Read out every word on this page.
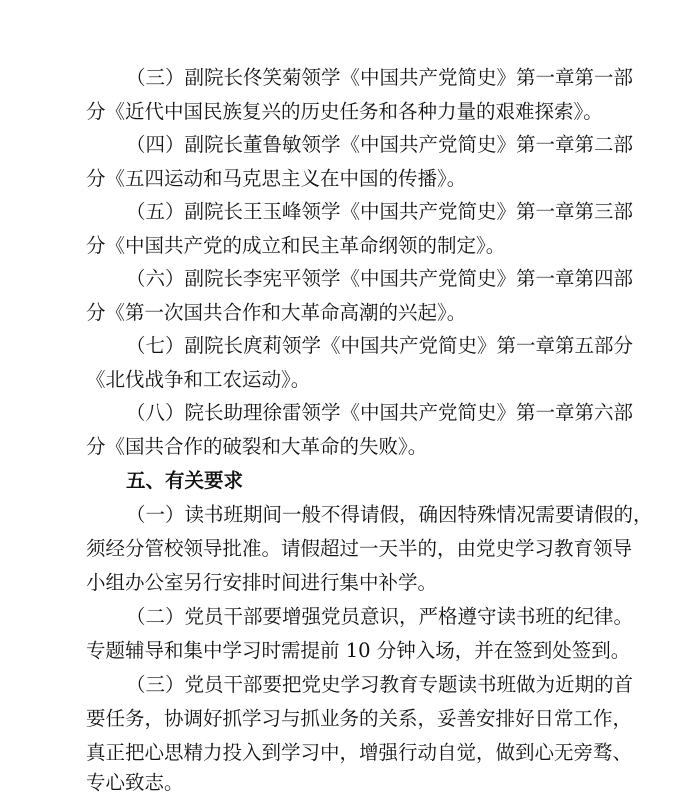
（三）副院长佟笑菊领学《中国共产党简史》第一章第一部
分《近代中国民族复兴的历史任务和各种力量的艰难探索》。
（四）副院长董鲁敏领学《中国共产党简史》第一章第二部
分《五四运动和马克思主义在中国的传播》。
（五）副院长王玉峰领学《中国共产党简史》第一章第三部
分《中国共产党的成立和民主革命纲领的制定》。
（六）副院长李宪平领学《中国共产党简史》第一章第四部
分《第一次国共合作和大革命高潮的兴起》。
（七）副院长庹莉领学《中国共产党简史》第一章第五部分
《北伐战争和工农运动》。
（八）院长助理徐雷领学《中国共产党简史》第一章第六部
分《国共合作的破裂和大革命的失败》。
五、有关要求
（一）读书班期间一般不得请假，确因特殊情况需要请假的，
须经分管校领导批准。请假超过一天半的，由党史学习教育领导
小组办公室另行安排时间进行集中补学。
（二）党员干部要增强党员意识，严格遵守读书班的纪律。
专题辅导和集中学习时需提前 10 分钟入场，并在签到处签到。
（三）党员干部要把党史学习教育专题读书班做为近期的首
要任务，协调好抓学习与抓业务的关系，妥善安排好日常工作，
真正把心思精力投入到学习中，增强行动自觉，做到心无旁骛、
专心致志。
